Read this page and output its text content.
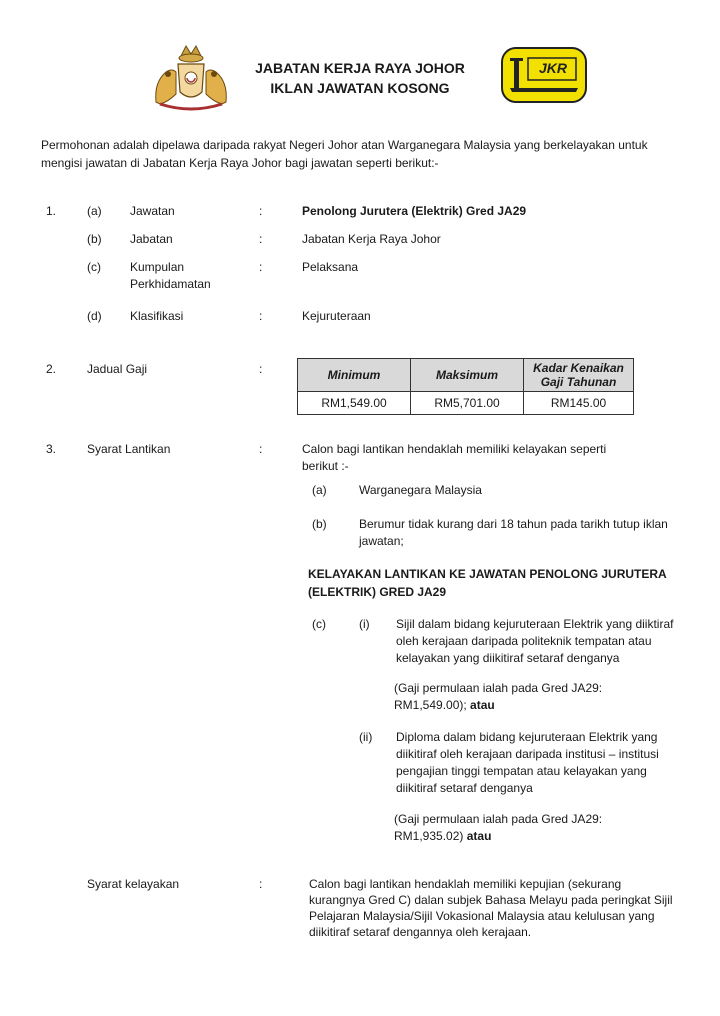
JABATAN KERJA RAYA JOHOR
IKLAN JAWATAN KOSONG
JKR
Permohonan adalah dipelawa daripada rakyat Negeri Johor atan Warganegara Malaysia yang berkelayakan untuk
mengisi jawatan di Jabatan Kerja Raya Johor bagi jawatan seperti berikut:-
1.	(a) Jawatan	:	Penolong Jurutera (Elektrik) Gred JA29
(b) Jabatan	:	Jabatan Kerja Raya Johor
(c) Kumpulan
Perkhidamatan
:	Pelaksana
(d) Klasifikasi	:	Kejuruteraan
2.	Jadual Gaji	:	Minimum	Maksimum	Kadar Kenaikan
Gaji Tahunan

RM1,549.00	RM5,701.00	RM145.00
3.	Syarat Lantikan	:	Calon bagi lantikan hendaklah memiliki kelayakan seperti
berikut :-
(a)	Warganegara Malaysia
(b)	Berumur tidak kurang dari 18 tahun pada tarikh tutup iklan
jawatan;
KELAYAKAN LANTIKAN KE JAWATAN PENOLONG JURUTERA
(ELEKTRIK) GRED JA29
(c)	(i) Sijil dalam bidang kejuruteraan Elektrik yang diiktiraf
oleh kerajaan daripada politeknik tempatan atau
kelayakan yang diikitiraf setaraf denganya
(Gaji permulaan ialah pada Gred JA29:
RM1,549.00); atau
(ii) Diploma dalam bidang kejuruteraan Elektrik yang
diikitiraf oleh kerajaan daripada institusi – institusi
pengajian tinggi tempatan atau kelayakan yang
diikitiraf setaraf denganya
(Gaji permulaan ialah pada Gred JA29:
RM1,935.02) atau
Syarat kelayakan	:	Calon bagi lantikan hendaklah memiliki kepujian (sekurang
kurangnya Gred C) dalan subjek Bahasa Melayu pada peringkat Sijil
Pelajaran Malaysia/Sijil Vokasional Malaysia atau kelulusan yang
diikitiraf setaraf dengannya oleh kerajaan.
